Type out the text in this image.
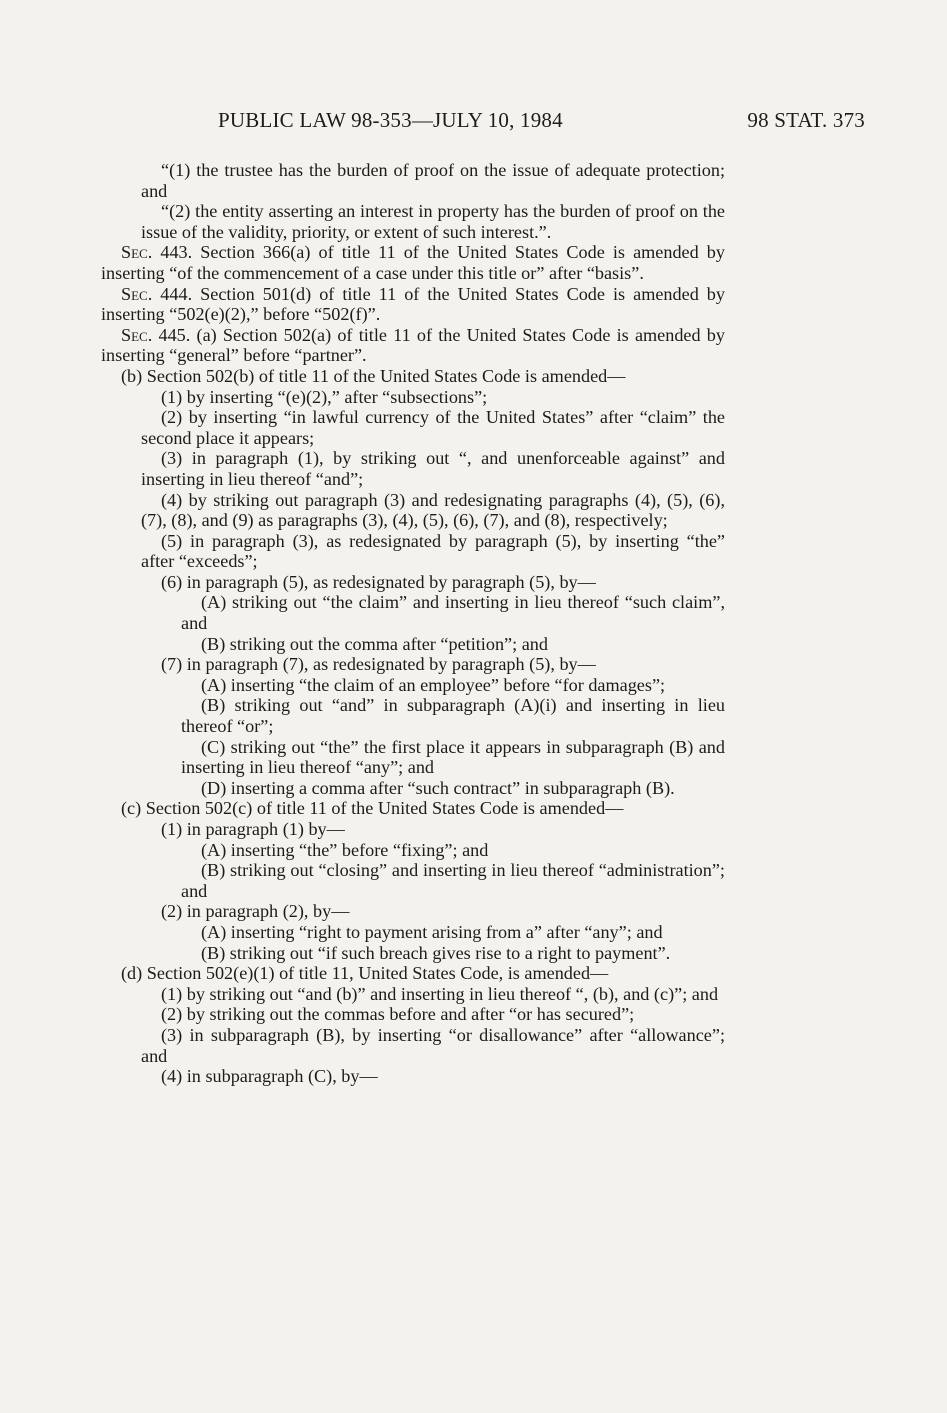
PUBLIC LAW 98-353—JULY 10, 1984	98 STAT. 373

“(1) the trustee has the burden of proof on the issue of adequate protection; and

“(2) the entity asserting an interest in property has the burden of proof on the issue of the validity, priority, or extent of such interest.”.

Sec. 443. Section 366(a) of title 11 of the United States Code is amended by inserting “of the commencement of a case under this title or” after “basis”.

Sec. 444. Section 501(d) of title 11 of the United States Code is amended by inserting “502(e)(2),” before “502(f)”.

Sec. 445. (a) Section 502(a) of title 11 of the United States Code is amended by inserting “general” before “partner”.

(b) Section 502(b) of title 11 of the United States Code is amended—

(1) by inserting “(e)(2),” after “subsections”;

(2) by inserting “in lawful currency of the United States” after “claim” the second place it appears;

(3) in paragraph (1), by striking out “, and unenforceable against” and inserting in lieu thereof “and”;

(4) by striking out paragraph (3) and redesignating paragraphs (4), (5), (6), (7), (8), and (9) as paragraphs (3), (4), (5), (6), (7), and (8), respectively;

(5) in paragraph (3), as redesignated by paragraph (5), by inserting “the” after “exceeds”;

(6) in paragraph (5), as redesignated by paragraph (5), by—

(A) striking out “the claim” and inserting in lieu thereof “such claim”, and

(B) striking out the comma after “petition”; and

(7) in paragraph (7), as redesignated by paragraph (5), by—

(A) inserting “the claim of an employee” before “for damages”;

(B) striking out “and” in subparagraph (A)(i) and inserting in lieu thereof “or”;

(C) striking out “the” the first place it appears in subparagraph (B) and inserting in lieu thereof “any”; and

(D) inserting a comma after “such contract” in subparagraph (B).

(c) Section 502(c) of title 11 of the United States Code is amended—

(1) in paragraph (1) by—

(A) inserting “the” before “fixing”; and

(B) striking out “closing” and inserting in lieu thereof “administration”; and

(2) in paragraph (2), by—

(A) inserting “right to payment arising from a” after “any”; and

(B) striking out “if such breach gives rise to a right to payment”.

(d) Section 502(e)(1) of title 11, United States Code, is amended—

(1) by striking out “and (b)” and inserting in lieu thereof “, (b), and (c)”; and

(2) by striking out the commas before and after “or has secured”;

(3) in subparagraph (B), by inserting “or disallowance” after “allowance”; and

(4) in subparagraph (C), by—
